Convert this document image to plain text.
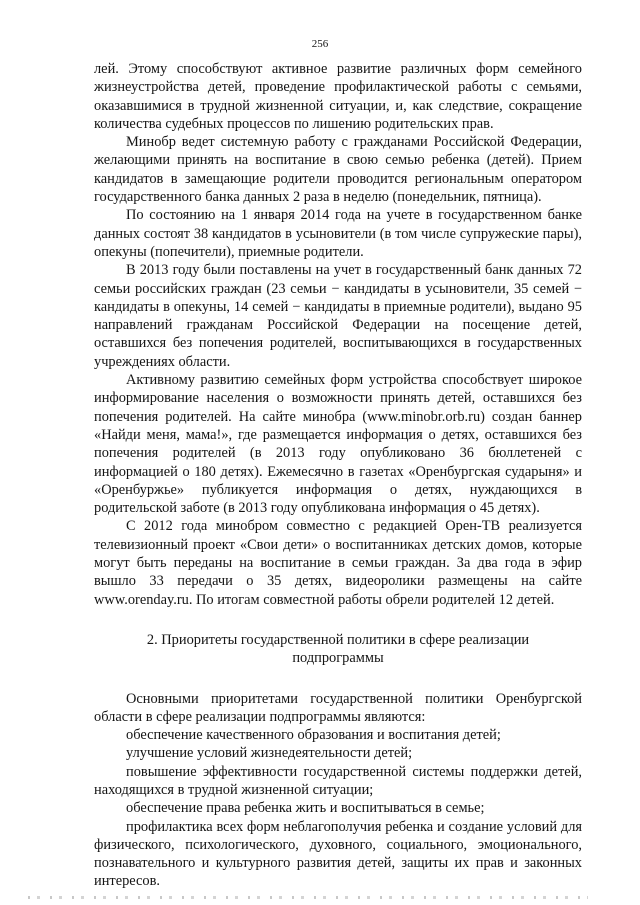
256

лей. Этому способствуют активное развитие различных форм семейного жизнеустройства детей, проведение профилактической работы с семьями, оказавшимися в трудной жизненной ситуации, и, как следствие, сокращение количества судебных процессов по лишению родительских прав.

Минобр ведет системную работу с гражданами Российской Федерации, желающими принять на воспитание в свою семью ребенка (детей). Прием кандидатов в замещающие родители проводится региональным оператором государственного банка данных 2 раза в неделю (понедельник, пятница).

По состоянию на 1 января 2014 года на учете в государственном банке данных состоят 38 кандидатов в усыновители (в том числе супружеские пары), опекуны (попечители), приемные родители.

В 2013 году были поставлены на учет в государственный банк данных 72 семьи российских граждан (23 семьи − кандидаты в усыновители, 35 семей − кандидаты в опекуны, 14 семей − кандидаты в приемные родители), выдано 95 направлений гражданам Российской Федерации на посещение детей, оставшихся без попечения родителей, воспитывающихся в государственных учреждениях области.

Активному развитию семейных форм устройства способствует широкое информирование населения о возможности принять детей, оставшихся без попечения родителей. На сайте минобра (www.minobr.orb.ru) создан баннер «Найди меня, мама!», где размещается информация о детях, оставшихся без попечения родителей (в 2013 году опубликовано 36 бюллетеней с информацией о 180 детях). Ежемесячно в газетах «Оренбургская сударыня» и «Оренбуржье» публикуется информация о детях, нуждающихся в родительской заботе (в 2013 году опубликована информация о 45 детях).

С 2012 года минобром совместно с редакцией Орен-ТВ реализуется телевизионный проект «Свои дети» о воспитанниках детских домов, которые могут быть переданы на воспитание в семьи граждан. За два года в эфир вышло 33 передачи о 35 детях, видеоролики размещены на сайте www.orenday.ru. По итогам совместной работы обрели родителей 12 детей.

2. Приоритеты государственной политики в сфере реализации подпрограммы

Основными приоритетами государственной политики Оренбургской области в сфере реализации подпрограммы являются:

обеспечение качественного образования и воспитания детей;
улучшение условий жизнедеятельности детей;
повышение эффективности государственной системы поддержки детей, находящихся в трудной жизненной ситуации;
обеспечение права ребенка жить и воспитываться в семье;
профилактика всех форм неблагополучия ребенка и создание условий для физического, психологического, духовного, социального, эмоционального, познавательного и культурного развития детей, защиты их прав и законных интересов.
